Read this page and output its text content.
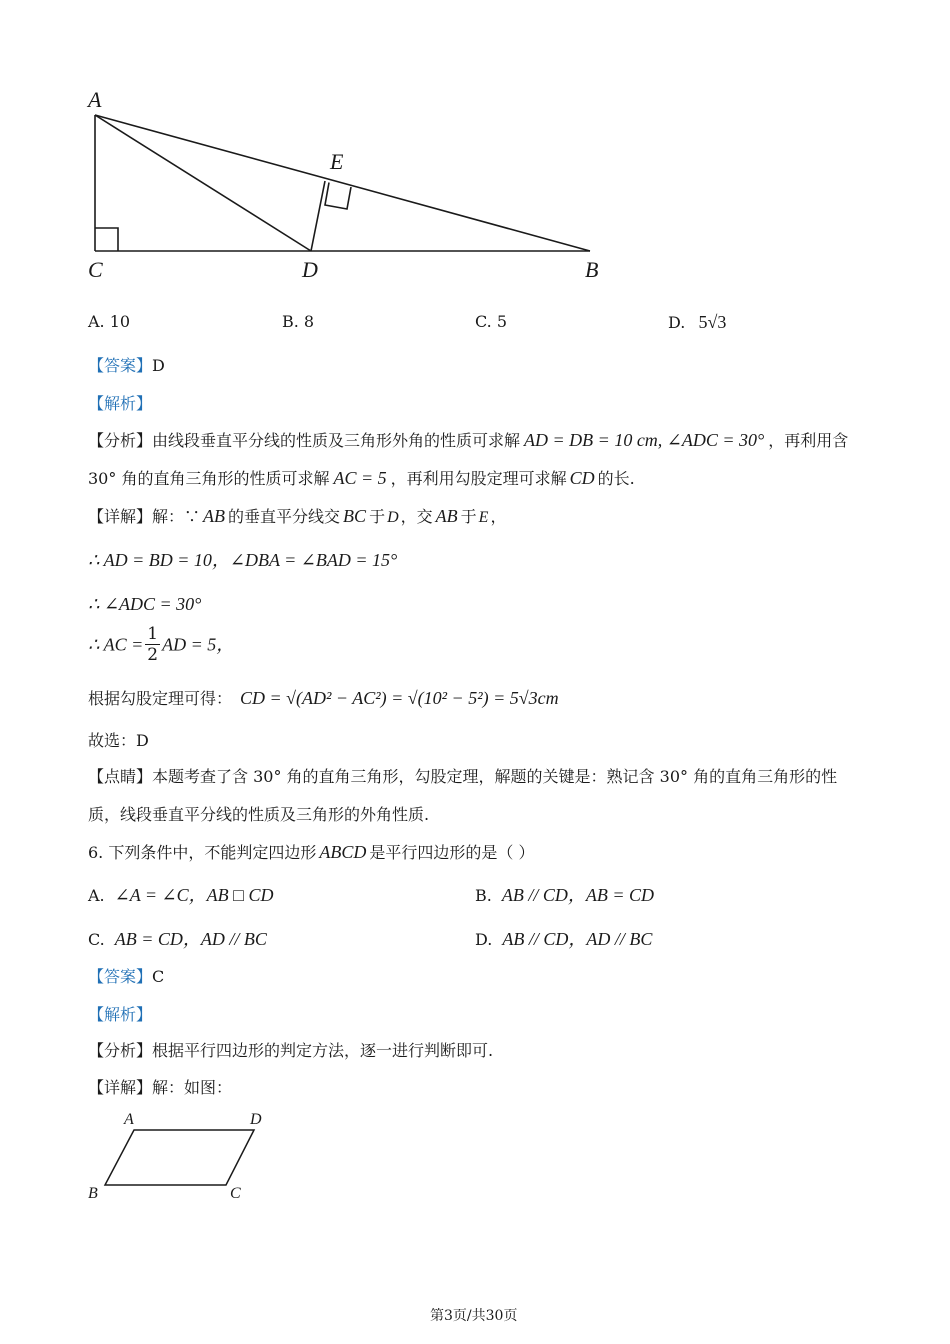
A
E
C	D	B
A. 10	B. 8	C. 5	D. 5√3
【答案】D
【解析】
【分析】由线段垂直平分线的性质及三角形外角的性质可求解 AD = DB = 10 cm, ∠ADC = 30° ，再利用含
30° 角的直角三角形的性质可求解 AC = 5 ，再利用勾股定理可求解 CD 的长.
【详解】解：∵ AB 的垂直平分线交 BC 于 D ，交 AB 于 E ，
∴ AD = BD = 10，∠DBA = ∠BAD = 15°
∴ ∠ADC = 30°
∴ AC = $\frac{1}{2}$ AD = 5，
根据勾股定理可得： CD = √(AD² − AC²) = √(10² − 5²) = 5√3cm
故选：D
【点睛】本题考查了含 30° 角的直角三角形，勾股定理，解题的关键是：熟记含 30° 角的直角三角形的性
质，线段垂直平分线的性质及三角形的外角性质.
6. 下列条件中，不能判定四边形 ABCD 是平行四边形的是（ ）
A. ∠A = ∠C，AB □ CD	B. AB // CD，AB = CD
C. AB = CD，AD // BC	D. AB // CD，AD // BC
【答案】C
【解析】
【分析】根据平行四边形的判定方法，逐一进行判断即可.
【详解】解：如图：
A	D
B	C
第3页/共30页
